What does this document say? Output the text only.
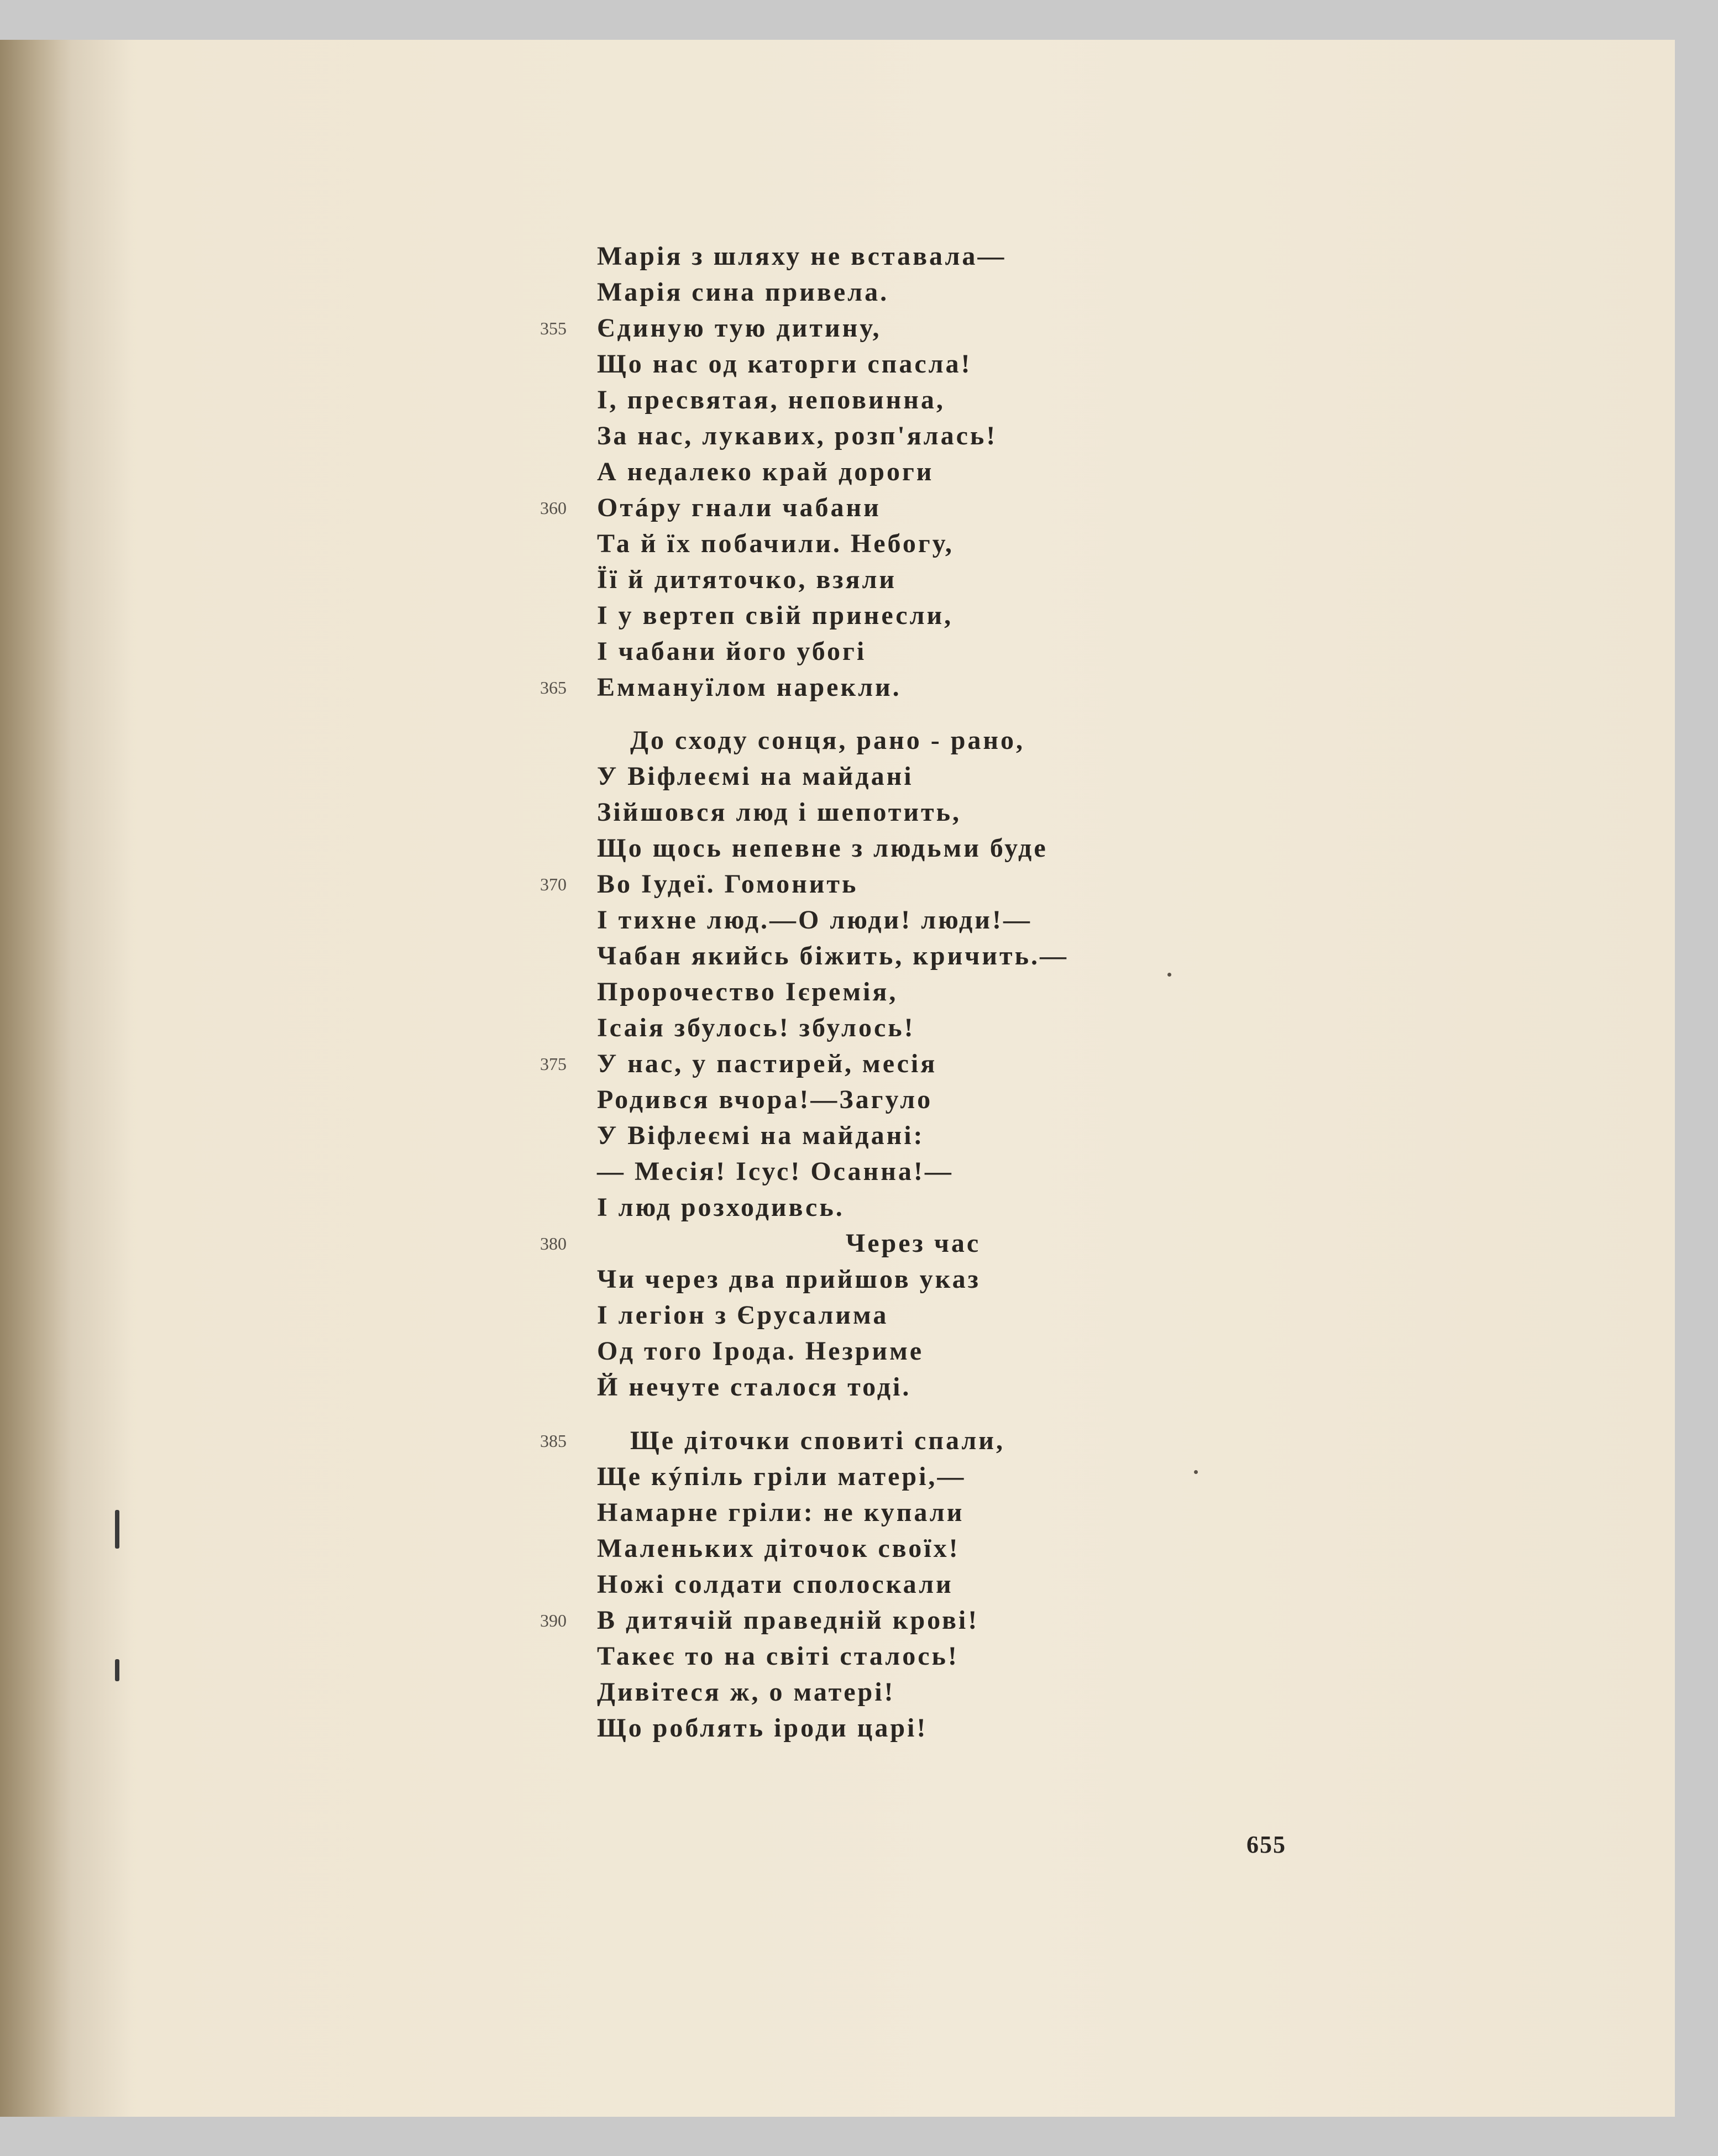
Марія з шляху не вставала—
Марія сина привела.
355 Єдиную тую дитину,
Що нас од каторги спасла!
І, пресвятая, неповинна,
За нас, лукавих, розп'ялась!
А недалеко край дороги
360 Отáру гнали чабани
Та й їх побачили. Небогу,
Її й дитяточко, взяли
І у вертеп свій принесли,
І чабани його убогі
365 Еммануїлом нарекли.
До сходу сонця, рано - рано,
У Віфлеємі на майдані
Зійшовся люд і шепотить,
Що щось непевне з людьми буде
370 Во Іудеї. Гомонить
І тихне люд.—О люди! люди!—
Чабан якийсь біжить, кричить.—
Пророчество Ієремія,
Ісаія збулось! збулось!
375 У нас, у пастирей, месія
Родився вчора!—Загуло
У Віфлеємі на майдані:
— Месія! Ісус! Осанна!—
І люд розходивсь.
380	Через час
Чи через два прийшов указ
І легіон з Єрусалима
Од того Ірода. Незриме
Й нечуте сталося тоді.
385 Ще діточки сповиті спали,
Ще кýпіль гріли матері,—
Намарне гріли: не купали
Маленьких діточок своїх!
Ножі солдати сполоскали
390 В дитячій праведній крові!
Такеє то на світі сталось!
Дивітеся ж, о матері!
Що роблять іроди царі!
655
